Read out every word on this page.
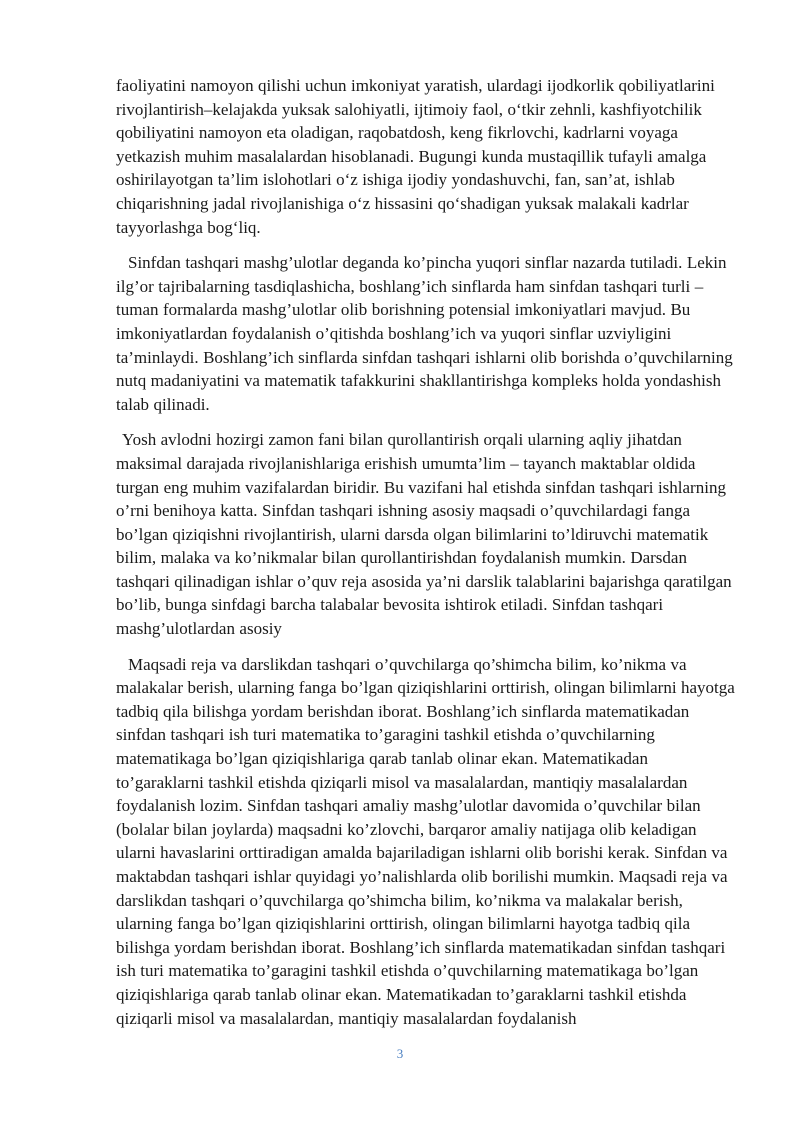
faoliyatini namoyon qilishi uchun imkoniyat yaratish, ulardagi ijodkorlik qobiliyatlarini rivojlantirish–kelajakda yuksak salohiyatli, ijtimoiy faol, o‘tkir zehnli, kashfiyotchilik qobiliyatini namoyon eta oladigan, raqobatdosh, keng fikrlovchi, kadrlarni voyaga yetkazish muhim masalalardan hisoblanadi. Bugungi kunda mustaqillik tufayli amalga oshirilayotgan ta’lim islohotlari o‘z ishiga ijodiy yondashuvchi, fan, san’at, ishlab chiqarishning jadal rivojlanishiga o‘z hissasini qo‘shadigan yuksak malakali kadrlar tayyorlashga bog‘liq.

Sinfdan tashqari mashg’ulotlar deganda ko’pincha yuqori sinflar nazarda tutiladi. Lekin ilg’or tajribalarning tasdiqlashicha, boshlang’ich sinflarda ham sinfdan tashqari turli – tuman formalarda mashg’ulotlar olib borishning potensial imkoniyatlari mavjud. Bu imkoniyatlardan foydalanish o’qitishda boshlang’ich va yuqori sinflar uzviyligini ta’minlaydi. Boshlang’ich sinflarda sinfdan tashqari ishlarni olib borishda o’quvchilarning nutq madaniyatini va matematik tafakkurini shakllantirishga kompleks holda yondashish talab qilinadi.

Yosh avlodni hozirgi zamon fani bilan qurollantirish orqali ularning aqliy jihatdan maksimal darajada rivojlanishlariga erishish umumta’lim – tayanch maktablar oldida turgan eng muhim vazifalardan biridir. Bu vazifani hal etishda sinfdan tashqari ishlarning o’rni benihoya katta. Sinfdan tashqari ishning asosiy maqsadi o’quvchilardagi fanga bo’lgan qiziqishni rivojlantirish, ularni darsda olgan bilimlarini to’ldiruvchi matematik bilim, malaka va ko’nikmalar bilan qurollantirishdan foydalanish mumkin. Darsdan tashqari qilinadigan ishlar o’quv reja asosida ya’ni darslik talablarini bajarishga qaratilgan bo’lib, bunga sinfdagi barcha talabalar bevosita ishtirok etiladi. Sinfdan tashqari mashg’ulotlardan asosiy

Maqsadi reja va darslikdan tashqari o’quvchilarga qo’shimcha bilim, ko’nikma va malakalar berish, ularning fanga bo’lgan qiziqishlarini orttirish, olingan bilimlarni hayotga tadbiq qila bilishga yordam berishdan iborat. Boshlang’ich sinflarda matematikadan sinfdan tashqari ish turi matematika to’garagini tashkil etishda o’quvchilarning matematikaga bo’lgan qiziqishlariga qarab tanlab olinar ekan. Matematikadan to’garaklarni tashkil etishda qiziqarli misol va masalalardan, mantiqiy masalalardan foydalanish lozim. Sinfdan tashqari amaliy mashg’ulotlar davomida o’quvchilar bilan (bolalar bilan joylarda) maqsadni ko’zlovchi, barqaror amaliy natijaga olib keladigan ularni havaslarini orttiradigan amalda bajariladigan ishlarni olib borishi kerak. Sinfdan va maktabdan tashqari ishlar quyidagi yo’nalishlarda olib borilishi mumkin. Maqsadi reja va darslikdan tashqari o’quvchilarga qo’shimcha bilim, ko’nikma va malakalar berish, ularning fanga bo’lgan qiziqishlarini orttirish, olingan bilimlarni hayotga tadbiq qila bilishga yordam berishdan iborat. Boshlang’ich sinflarda matematikadan sinfdan tashqari ish turi matematika to’garagini tashkil etishda o’quvchilarning matematikaga bo’lgan qiziqishlariga qarab tanlab olinar ekan. Matematikadan to’garaklarni tashkil etishda qiziqarli misol va masalalardan, mantiqiy masalalardan foydalanish

3
